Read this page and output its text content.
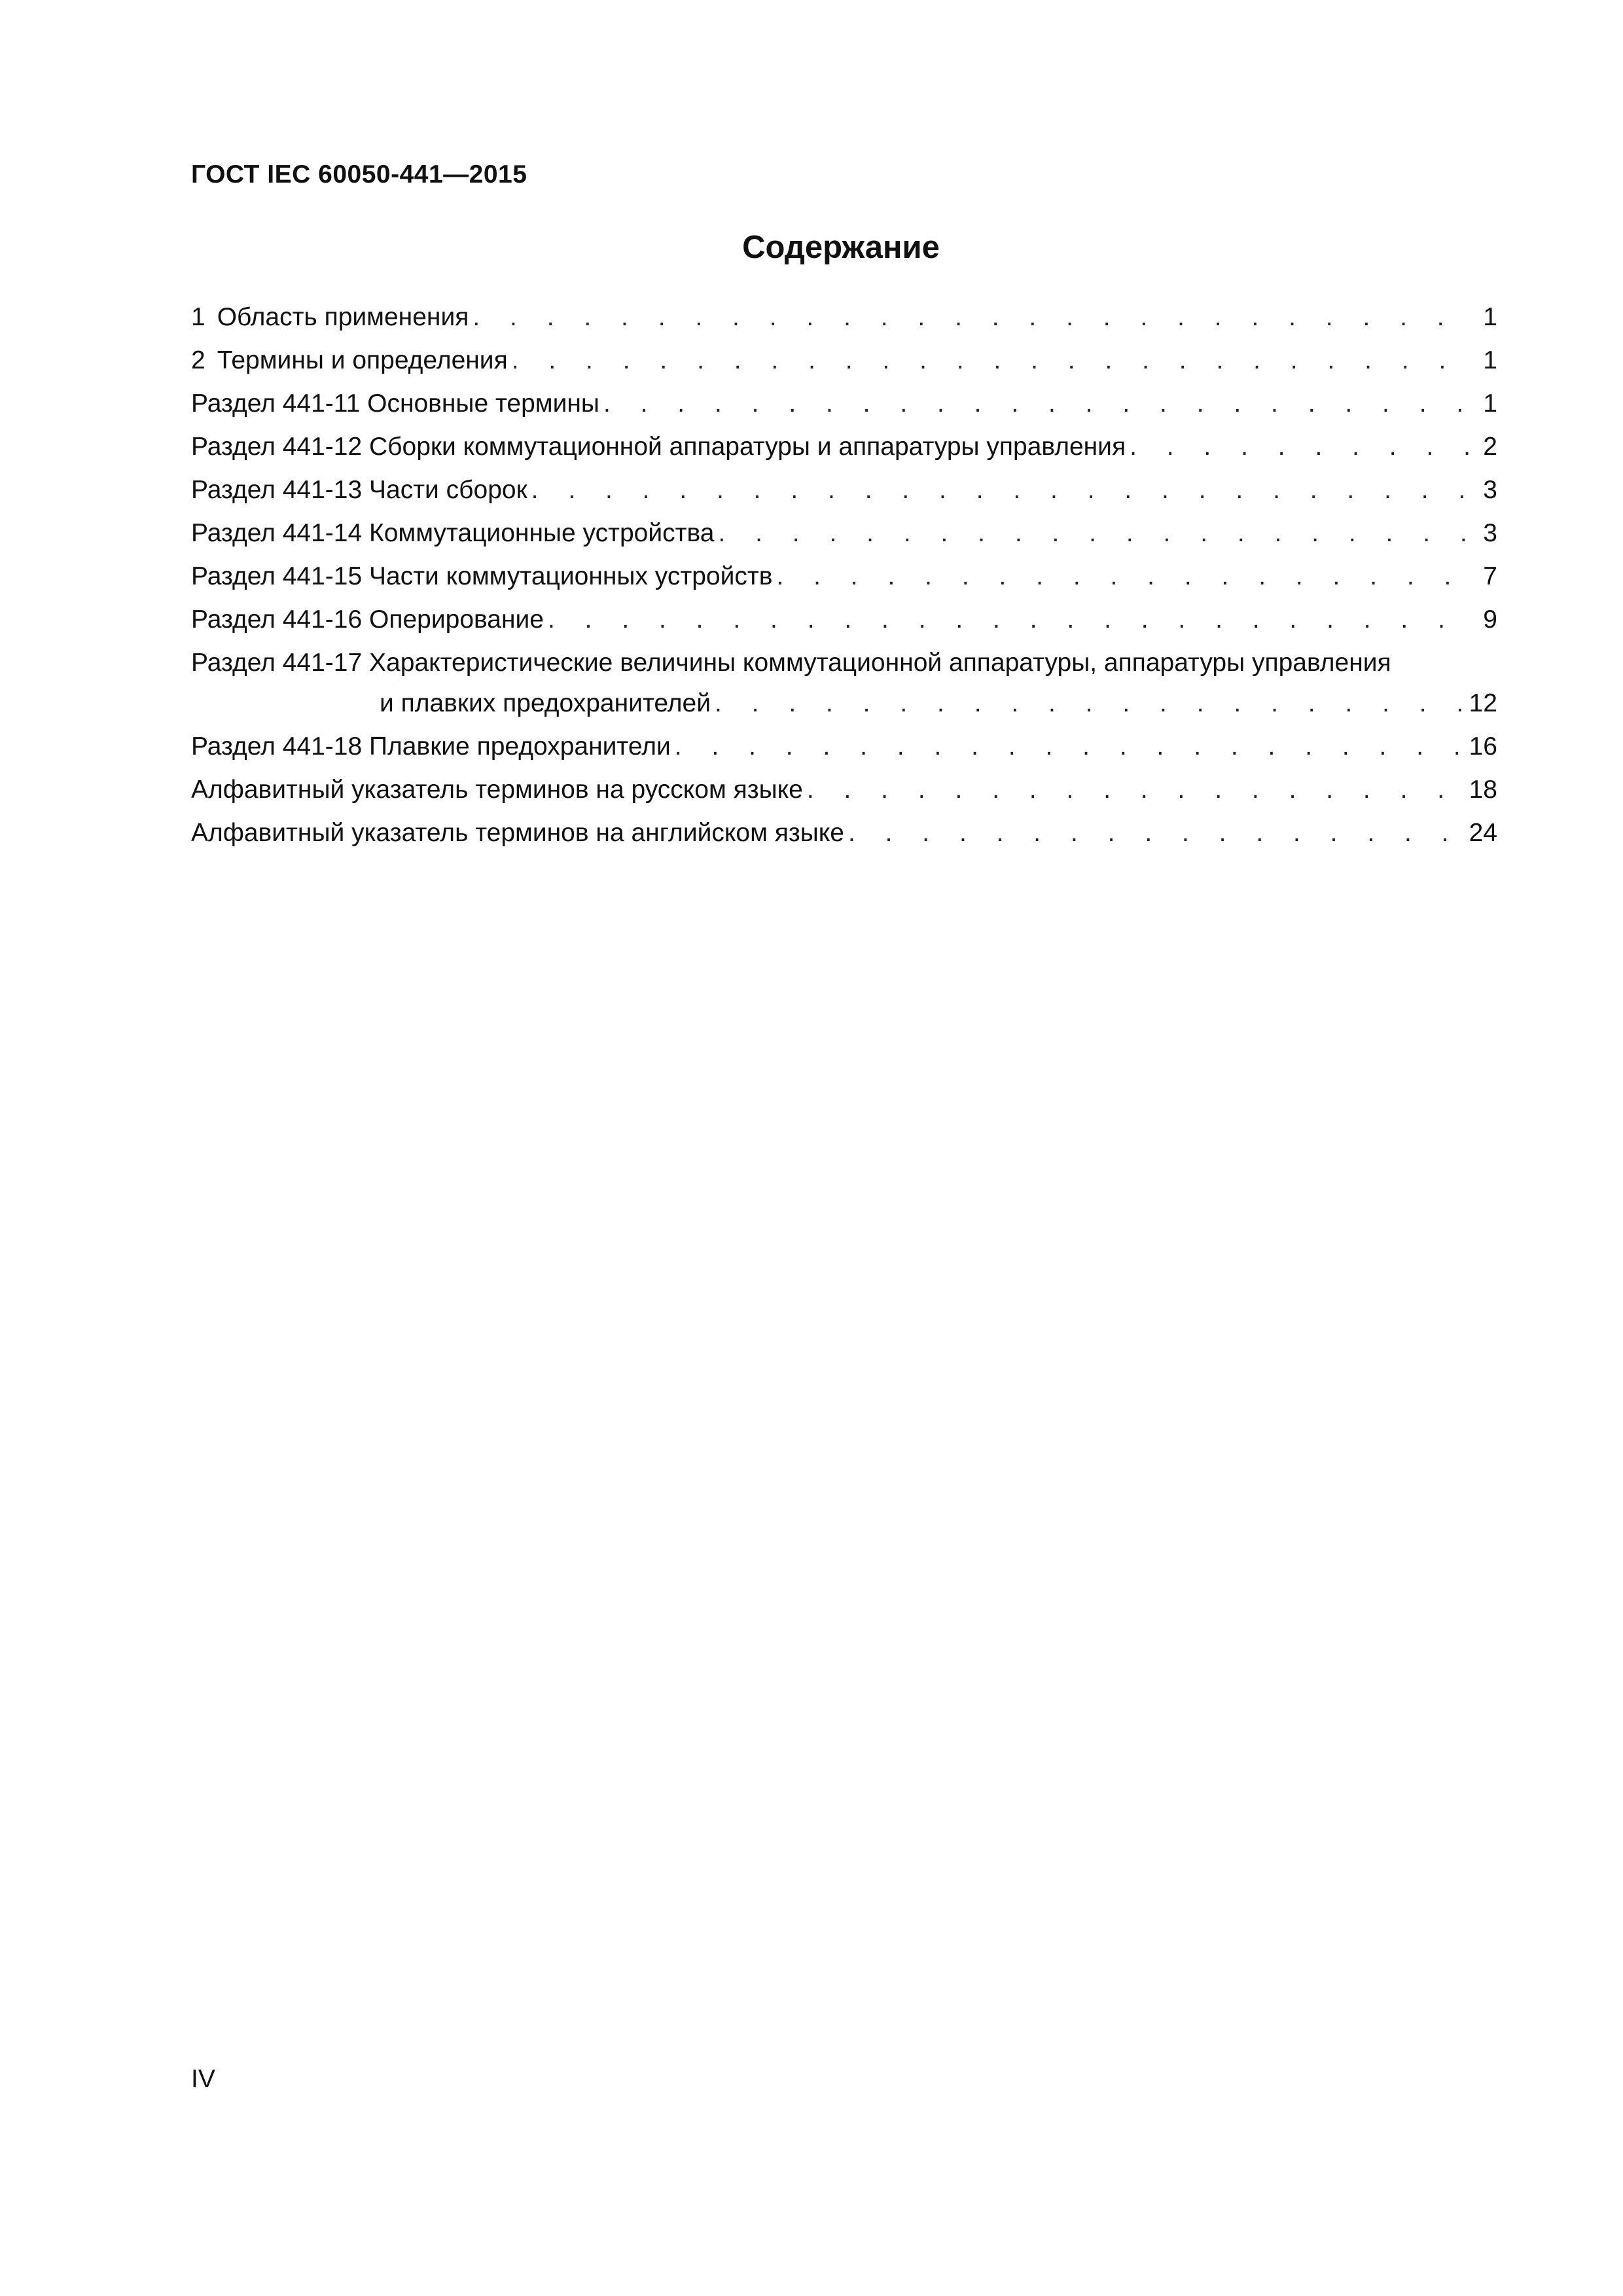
ГОСТ IEC 60050-441—2015
Содержание
1 Область применения . . .	1
2 Термины и определения . . .	1
Раздел 441-11 Основные термины . . .	1
Раздел 441-12 Сборки коммутационной аппаратуры и аппаратуры управления . . .	2
Раздел 441-13 Части сборок . . .	3
Раздел 441-14 Коммутационные устройства . . .	3
Раздел 441-15 Части коммутационных устройств . . .	7
Раздел 441-16 Оперирование . . .	9
Раздел 441-17 Характеристические величины коммутационной аппаратуры, аппаратуры управления
и плавких предохранителей . . .	12
Раздел 441-18 Плавкие предохранители . . .	16
Алфавитный указатель терминов на русском языке . . .	18
Алфавитный указатель терминов на английском языке . . .	24
IV
